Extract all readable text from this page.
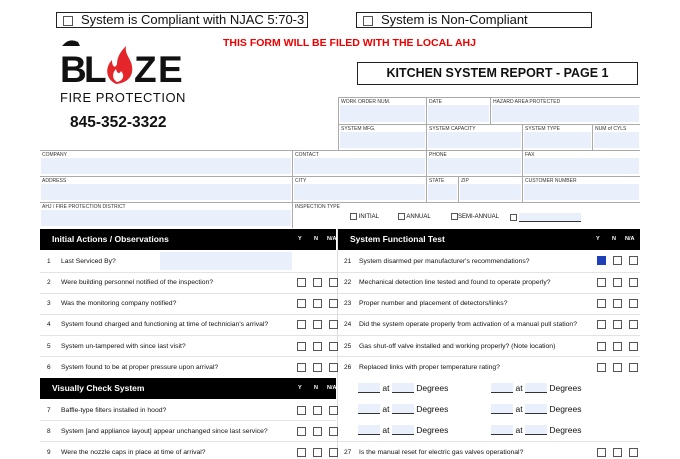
System is Compliant with NJAC 5:70-3	System is Non-Compliant
THIS FORM WILL BE FILED WITH THE LOCAL AHJ
KITCHEN SYSTEM REPORT - PAGE 1
B
L Z E
FIRE PROTECTION
845-352-3322
WORK ORDER NUM.	DATE	HAZARD AREA PROTECTED
SYSTEM MFG.	SYSTEM CAPACITY	SYSTEM TYPE	NUM of CYLS
COMPANY	CONTACT	PHONE	FAX
ADDRESS	CITY	STATE	ZIP	CUSTOMER NUMBER
AHJ / FIRE PROTECTION DISTRICT	INSPECTION TYPE
INITIAL	ANNUAL	SEMI-ANNUAL
Initial Actions / Observations	Y N N/A System Functional Test	Y N N/A
Visually Check System	Y N N/A
1 Last Serviced By?
2 Were building personnel notified of the inspection?
3 Was the monitoring company notified?
4 System found charged and functioning at time of technician's arrival?
5 System un-tampered with since last visit?
6 System found to be at proper pressure upon arrival?
7 Baffle-type filters installed in hood?
8 System [and appliance layout] appear unchanged since last service?
9 Were the nozzle caps in place at time of arrival?
21 System disarmed per manufacturer's recommendations?
22 Mechanical detection line tested and found to operate properly?
23 Proper number and placement of detectors/links?
24 Did the system operate properly from activation of a manual pull station?
25 Gas shut-off valve installed and working properly? (Note location)
26 Replaced links with proper temperature rating?
at	Degrees	at	Degrees
at	Degrees	at	Degrees
at	Degrees	at	Degrees
27 Is the manual reset for electric gas valves operational?
